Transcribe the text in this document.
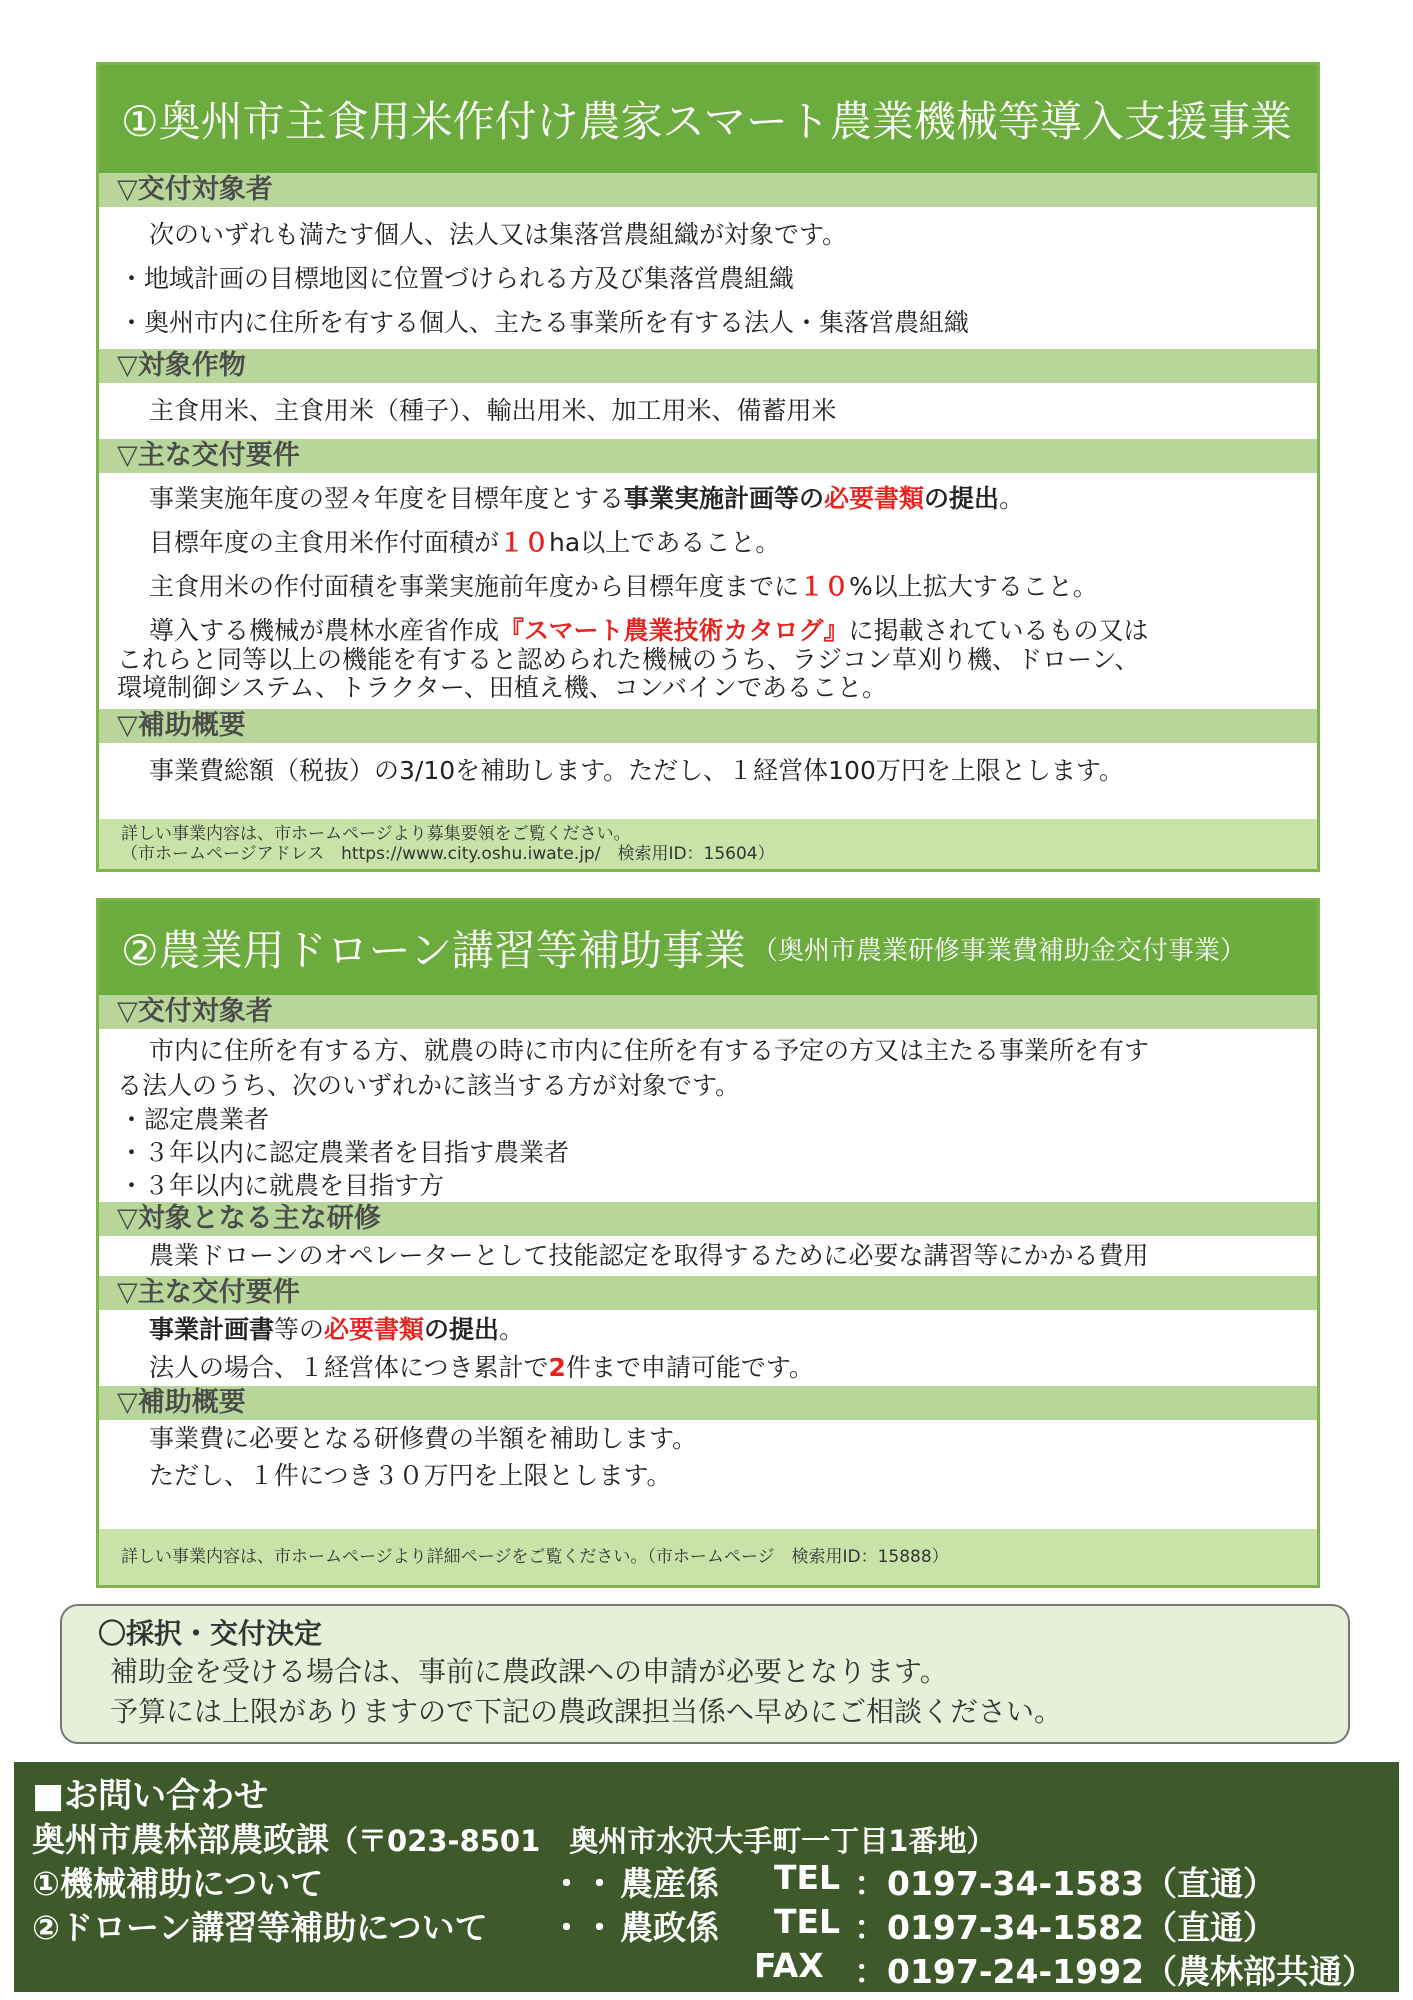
①奥州市主食用米作付け農家スマート農業機械等導入支援事業
▽交付対象者
次のいずれも満たす個人、法人又は集落営農組織が対象です。
・地域計画の目標地図に位置づけられる方及び集落営農組織
・奥州市内に住所を有する個人、主たる事業所を有する法人・集落営農組織
▽対象作物
主食用米、主食用米（種子）、輸出用米、加工用米、備蓄用米
▽主な交付要件
事業実施年度の翌々年度を目標年度とする事業実施計画等の必要書類の提出。
目標年度の主食用米作付面積が１０ha以上であること。
主食用米の作付面積を事業実施前年度から目標年度までに１０%以上拡大すること。
導入する機械が農林水産省作成『スマート農業技術カタログ』に掲載されているもの又は
これらと同等以上の機能を有すると認められた機械のうち、ラジコン草刈り機、ドローン、
環境制御システム、トラクター、田植え機、コンバインであること。
▽補助概要
事業費総額（税抜）の3/10を補助します。ただし、１経営体100万円を上限とします。
詳しい事業内容は、市ホームページより募集要領をご覧ください。
（市ホームページアドレス　https://www.city.oshu.iwate.jp/　検索用ID：15604）
②農業用ドローン講習等補助事業 （奥州市農業研修事業費補助金交付事業）
▽交付対象者
市内に住所を有する方、就農の時に市内に住所を有する予定の方又は主たる事業所を有す
る法人のうち、次のいずれかに該当する方が対象です。
・認定農業者
・３年以内に認定農業者を目指す農業者
・３年以内に就農を目指す方
▽対象となる主な研修
農業ドローンのオペレーターとして技能認定を取得するために必要な講習等にかかる費用
▽主な交付要件
事業計画書等の必要書類の提出。
法人の場合、１経営体につき累計で2件まで申請可能です。
▽補助概要
事業費に必要となる研修費の半額を補助します。
ただし、１件につき３０万円を上限とします。
詳しい事業内容は、市ホームページより詳細ページをご覧ください。（市ホームページ　検索用ID：15888）
〇採択・交付決定
補助金を受ける場合は、事前に農政課への申請が必要となります。
予算には上限がありますので下記の農政課担当係へ早めにご相談ください。
■お問い合わせ
奥州市農林部農政課（〒023-8501　奥州市水沢大手町一丁目1番地）
①機械補助について	・・・
農産係 TEL ：0197-34-1583（直通）
②ドローン講習等補助について ・・・
農政係 TEL ：0197-34-1582（直通）
FAX ：0197-24-1992（農林部共通）
